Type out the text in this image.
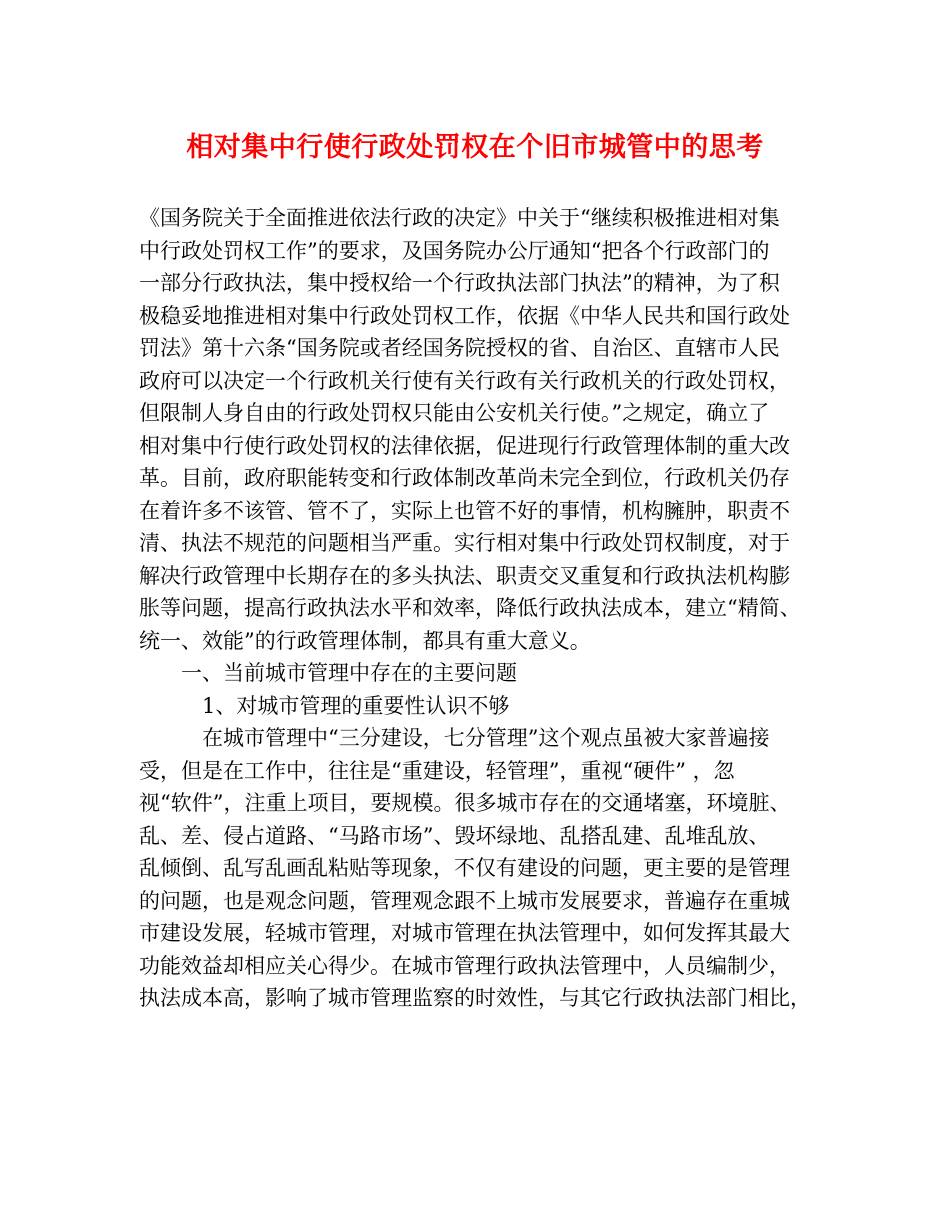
相对集中行使行政处罚权在个旧市城管中的思考
《国务院关于全面推进依法行政的决定》中关于“继续积极推进相对集
中行政处罚权工作”的要求，及国务院办公厅通知“把各个行政部门的
一部分行政执法，集中授权给一个行政执法部门执法”的精神，为了积
极稳妥地推进相对集中行政处罚权工作，依据《中华人民共和国行政处
罚法》第十六条“国务院或者经国务院授权的省、自治区、直辖市人民
政府可以决定一个行政机关行使有关行政有关行政机关的行政处罚权，
但限制人身自由的行政处罚权只能由公安机关行使。”之规定，确立了
相对集中行使行政处罚权的法律依据，促进现行行政管理体制的重大改
革。目前，政府职能转变和行政体制改革尚未完全到位，行政机关仍存
在着许多不该管、管不了，实际上也管不好的事情，机构臃肿，职责不
清、执法不规范的问题相当严重。实行相对集中行政处罚权制度，对于
解决行政管理中长期存在的多头执法、职责交叉重复和行政执法机构膨
胀等问题，提高行政执法水平和效率，降低行政执法成本，建立“精简、
统一、效能”的行政管理体制，都具有重大意义。
一、当前城市管理中存在的主要问题
1、对城市管理的重要性认识不够
在城市管理中“三分建设，七分管理”这个观点虽被大家普遍接
受，但是在工作中，往往是“重建设，轻管理”，重视“硬件” ，忽
视“软件”，注重上项目，要规模。很多城市存在的交通堵塞，环境脏、
乱、差、侵占道路、“马路市场”、毁坏绿地、乱搭乱建、乱堆乱放、
乱倾倒、乱写乱画乱粘贴等现象，不仅有建设的问题，更主要的是管理
的问题，也是观念问题，管理观念跟不上城市发展要求，普遍存在重城
市建设发展，轻城市管理，对城市管理在执法管理中，如何发挥其最大
功能效益却相应关心得少。在城市管理行政执法管理中，人员编制少，
执法成本高，影响了城市管理监察的时效性，与其它行政执法部门相比，
